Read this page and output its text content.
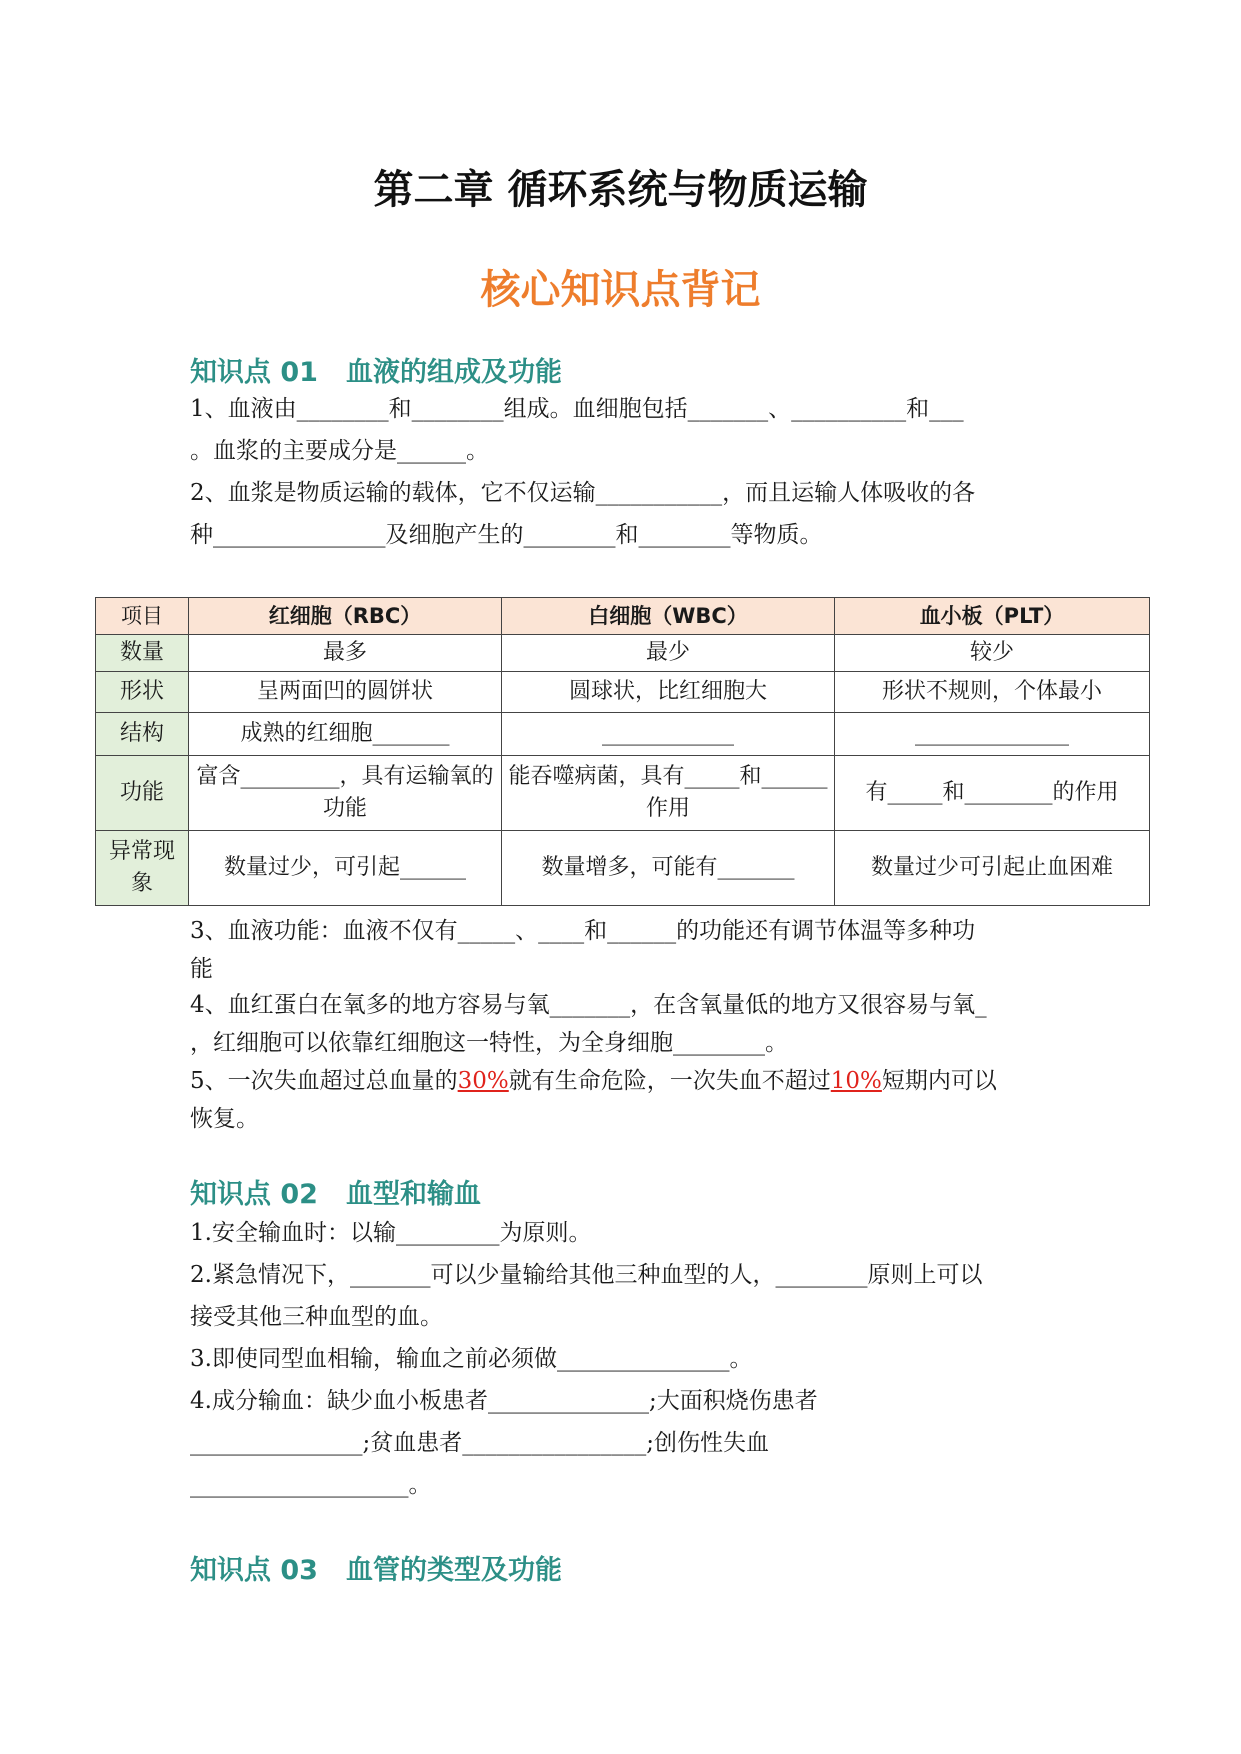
第二章 循环系统与物质运输
核心知识点背记
知识点 01 血液的组成及功能
1、血液由________和________组成。血细胞包括_______、__________和___
。血浆的主要成分是______。
2、血浆是物质运输的载体，它不仅运输___________，而且运输人体吸收的各
种_______________及细胞产生的________和________等物质。
项目	红细胞（RBC）	白细胞（WBC）	血小板（PLT）
数量	最多	最少	较少
形状	呈两面凹的圆饼状	圆球状，比红细胞大	形状不规则，个体最小
结构	成熟的红细胞_______	____________	______________
功能	富含_________，具有运输氧的功能	能吞噬病菌，具有_____和______作用	有_____和________的作用
异常现象	数量过少，可引起______	数量增多，可能有_______	数量过少可引起止血困难
3、血液功能：血液不仅有_____、____和______的功能还有调节体温等多种功
能
4、血红蛋白在氧多的地方容易与氧_______，在含氧量低的地方又很容易与氧_
，红细胞可以依靠红细胞这一特性，为全身细胞________。
5、一次失血超过总血量的30%就有生命危险，一次失血不超过10%短期内可以
恢复。
知识点 02 血型和输血
1.安全输血时：以输_________为原则。
2.紧急情况下，_______可以少量输给其他三种血型的人，________原则上可以
接受其他三种血型的血。
3.即使同型血相输，输血之前必须做_______________。
4.成分输血：缺少血小板患者______________;大面积烧伤患者
_______________;贫血患者________________;创伤性失血
___________________。
知识点 03 血管的类型及功能
